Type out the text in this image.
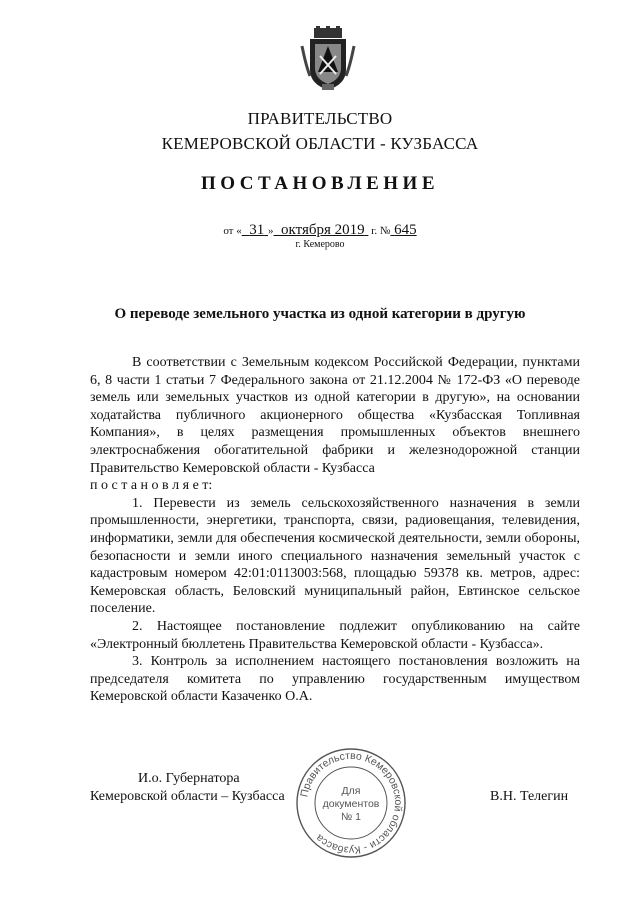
ПРАВИТЕЛЬСТВО
КЕМЕРОВСКОЙ ОБЛАСТИ - КУЗБАССА
ПОСТАНОВЛЕНИЕ
от « 31 » октября 2019 г. № 645
г. Кемерово
О переводе земельного участка из одной категории в другую

В соответствии с Земельным кодексом Российской Федерации, пунктами 6, 8 части 1 статьи 7 Федерального закона от 21.12.2004 № 172-ФЗ «О переводе земель или земельных участков из одной категории в другую», на основании ходатайства публичного акционерного общества «Кузбасская Топливная Компания», в целях размещения промышленных объектов внешнего электроснабжения обогатительной фабрики и железнодорожной станции Правительство Кемеровской области - Кузбасса

п о с т а н о в л я е т:

1. Перевести из земель сельскохозяйственного назначения в земли промышленности, энергетики, транспорта, связи, радиовещания, телевидения, информатики, земли для обеспечения космической деятельности, земли обороны, безопасности и земли иного специального назначения земельный участок с кадастровым номером 42:01:0113003:568, площадью 59378 кв. метров, адрес: Кемеровская область, Беловский муниципальный район, Евтинское сельское поселение.

2. Настоящее постановление подлежит опубликованию на сайте «Электронный бюллетень Правительства Кемеровской области - Кузбасса».

3. Контроль за исполнением настоящего постановления возложить на председателя комитета по управлению государственным имуществом Кемеровской области Казаченко О.А.

И.о. Губернатора
Кемеровской области – Кузбасса	В.Н. Телегин
Правительство Кемеровской области - Кузбасса
Для
документов
№ 1
